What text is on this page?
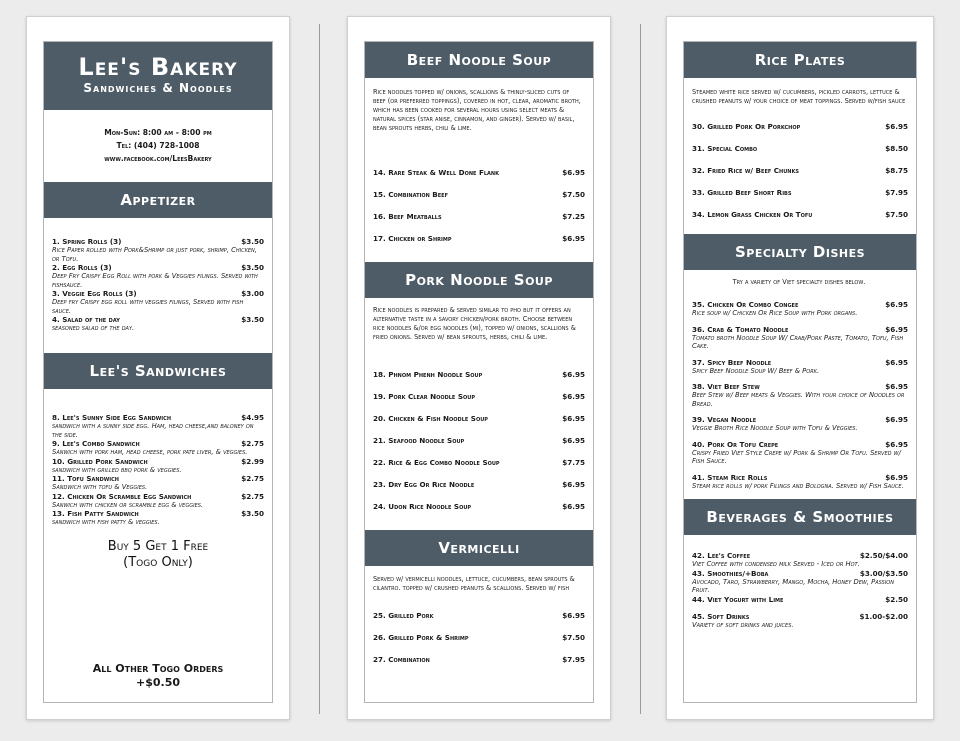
Lee's Bakery
Sandwiches & Noodles
Mon-Sun: 8:00 am - 8:00 pm
Tel: (404) 728-1008
www.facebook.com/LeesBakery
Appetizer
1. Spring Rolls (3)	$3.50
Rice Paper rolled with Pork&Shrimp or just pork, shrimp, Chicken, or Tofu.
2. Egg Rolls (3)	$3.50
Deep Fry Crispy Egg Roll with pork & Veggies filings. Served with fishsauce.
3. Veggie Egg Rolls (3)	$3.00
Deep fry Crispy egg roll with veggies filings, Served with fish sauce.
4. Salad of the day	$3.50
seasoned salad of the day.
Lee's Sandwiches
8. Lee's Sunny Side Egg Sandwich	$4.95
sandwich with a sunny side egg. Ham, head cheese,and baloney on the side.
9. Lee's Combo Sandwich	$2.75
Sanwich with pork ham, head cheese, pork pate liver, & veggies.
10. Grilled Pork Sandwich	$2.99
sandwich with grilled bbq pork & veggies.
11. Tofu Sandwich	$2.75
Sandwich with tofu & Veggies.
12. Chicken Or Scramble Egg Sandwich	$2.75
Sanwich with chicken or scramble egg & veggies.
13. Fish Patty Sandwich	$3.50
sandwich with fish patty & veggies.
Buy 5 Get 1 Free
(Togo Only)
All Other Togo Orders
+$0.50
Beef Noodle Soup
Rice noodles topped w/ onions, scallions & thinly-sliced cuts of beef (or preferred toppings), covered in hot, clear, aromatic broth, which has been cooked for several hours using select meats & natural spices (star anise, cinnamon, and ginger). Served w/ basil, bean sprouts herbs, chili & lime.
14. Rare Steak & Well Done Flank	$6.95
15. Combination Beef	$7.50
16. Beef Meatballs	$7.25
17. Chicken or Shrimp	$6.95
Pork Noodle Soup
Rice noodles is prepared & served similar to pho but it offers an alternative taste in a savory chicken/pork broth. Choose between rice noodles &/or egg noodles (mi), topped w/ onions, scallions & fried onions. Served w/ bean sprouts, herbs, chili & lime.
18. Phnom Phenh Noodle Soup	$6.95
19. Pork Clear Noodle Soup	$6.95
20. Chicken & Fish Noodle Soup	$6.95
21. Seafood Noodle Soup	$6.95
22. Rice & Egg Combo Noodle Soup	$7.75
23. Dry Egg Or Rice Noodle	$6.95
24. Udon Rice Noodle Soup	$6.95
Vermicelli
Served w/ vermicelli noodles, lettuce, cucumbers, bean sprouts & cilantro. topped w/ crushed peanuts & scallions. Served w/ fish
25. Grilled Pork	$6.95
26. Grilled Pork & Shrimp	$7.50
27. Combination	$7.95
Rice Plates
Steamed white rice served w/ cucumbers, pickled carrots, lettuce & crushed peanuts w/ your choice of meat toppings. Served w/fish sauce
30. Grilled Pork Or Porkchop	$6.95
31. Special Combo	$8.50
32. Fried Rice w/ Beef Chunks	$8.75
33. Grilled Beef Short Ribs	$7.95
34. Lemon Grass Chicken Or Tofu	$7.50
Specialty Dishes
Try a variety of Viet specialty dishes below.
35. Chicken Or Combo Congee	$6.95
Rice soup w/ Chicken Or Rice Soup with Pork organs.
36. Crab & Tomato Noodle	$6.95
Tomato broth Noodle Soup W/ Crab/Pork Paste, Tomato, Tofu, Fish Cake.
37. Spicy Beef Noodle	$6.95
Spicy Beef Noodle Soup W/ Beef & Pork.
38. Viet Beef Stew	$6.95
Beef Stew w/ Beef meats & Veggies. With your choice of Noodles or Bread.
39. Vegan Noodle	$6.95
Veggie Broth Rice Noodle Soup with Tofu & Veggies.
40. Pork Or Tofu Crepe	$6.95
Crispy Fried Viet Style Crepe w/ Pork & Shrimp Or Tofu. Served w/ Fish Sauce.
41. Steam Rice Rolls	$6.95
Steam rice rolls w/ pork Filings and Bologna. Served w/ Fish Sauce.
Beverages & Smoothies
42. Lee's Coffee	$2.50/$4.00
Viet Coffee with condensed milk Served - Iced or Hot.
43. Smoothies/+Boba	$3.00/$3.50
Avocado, Taro, Strawberry, Mango, Mocha, Honey Dew, Passion Fruit.
44. Viet Yogurt with Lime	$2.50
45. Soft Drinks	$1.00-$2.00
Variety of soft drinks and juices.
